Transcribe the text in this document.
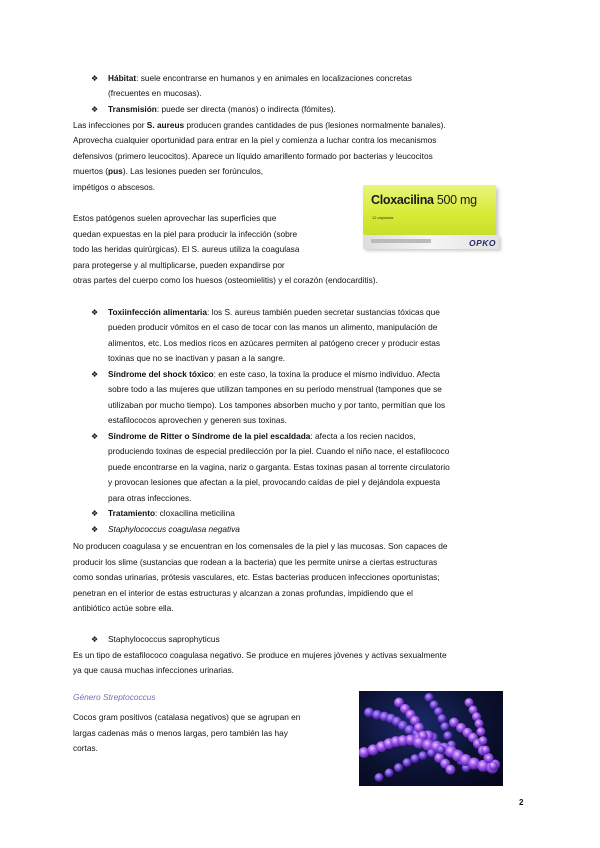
❖ Hábitat: suele encontrarse en humanos y en animales en localizaciones concretas
(frecuentes en mucosas).
❖ Transmisión: puede ser directa (manos) o indirecta (fómites).
Las infecciones por S. aureus producen grandes cantidades de pus (lesiones normalmente banales).
Aprovecha cualquier oportunidad para entrar en la piel y comienza a luchar contra los mecanismos
defensivos (primero leucocitos). Aparece un líquido amarillento formado por bacterias y leucocitos
muertos (pus). Las lesiones pueden ser forúnculos,
impétigos o abscesos.
Estos patógenos suelen aprovechar las superficies que
quedan expuestas en la piel para producir la infección (sobre
todo las heridas quirúrgicas). El S. aureus utiliza la coagulasa
para protegerse y al multiplicarse, pueden expandirse por
otras partes del cuerpo como los huesos (osteomielitis) y el corazón (endocarditis).
Cloxacilina 500 mg
12 cápsulas
OPKO
❖ Toxiinfección alimentaria: los S. aureus también pueden secretar sustancias tóxicas que
pueden producir vómitos en el caso de tocar con las manos un alimento, manipulación de
alimentos, etc. Los medios ricos en azúcares permiten al patógeno crecer y producir estas
toxinas que no se inactivan y pasan a la sangre.
❖ Síndrome del shock tóxico: en este caso, la toxina la produce el mismo individuo. Afecta
sobre todo a las mujeres que utilizan tampones en su periodo menstrual (tampones que se
utilizaban por mucho tiempo). Los tampones absorben mucho y por tanto, permitían que los
estafilococos aprovechen y generen sus toxinas.
❖ Síndrome de Ritter o Síndrome de la piel escaldada: afecta a los recien nacidos,
produciendo toxinas de especial predilección por la piel. Cuando el niño nace, el estafilococo
puede encontrarse en la vagina, nariz o garganta. Estas toxinas pasan al torrente circulatorio
y provocan lesiones que afectan a la piel, provocando caídas de piel y dejándola expuesta
para otras infecciones.
❖ Tratamiento: cloxacilina meticilina
❖ Staphylococcus coagulasa negativa
No producen coagulasa y se encuentran en los comensales de la piel y las mucosas. Son capaces de
producir los slime (sustancias que rodean a la bacteria) que les permite unirse a ciertas estructuras
como sondas urinarias, prótesis vasculares, etc. Estas bacterias producen infecciones oportunistas;
penetran en el interior de estas estructuras y alcanzan a zonas profundas, impidiendo que el
antibiótico actúe sobre ella.
❖ Staphylococcus saprophyticus
Es un tipo de estafilococo coagulasa negativo. Se produce en mujeres jóvenes y activas sexualmente
ya que causa muchas infecciones urinarias.
Género Streptococcus
Cocos gram positivos (catalasa negativos) que se agrupan en
largas cadenas más o menos largas, pero también las hay
cortas.
2
